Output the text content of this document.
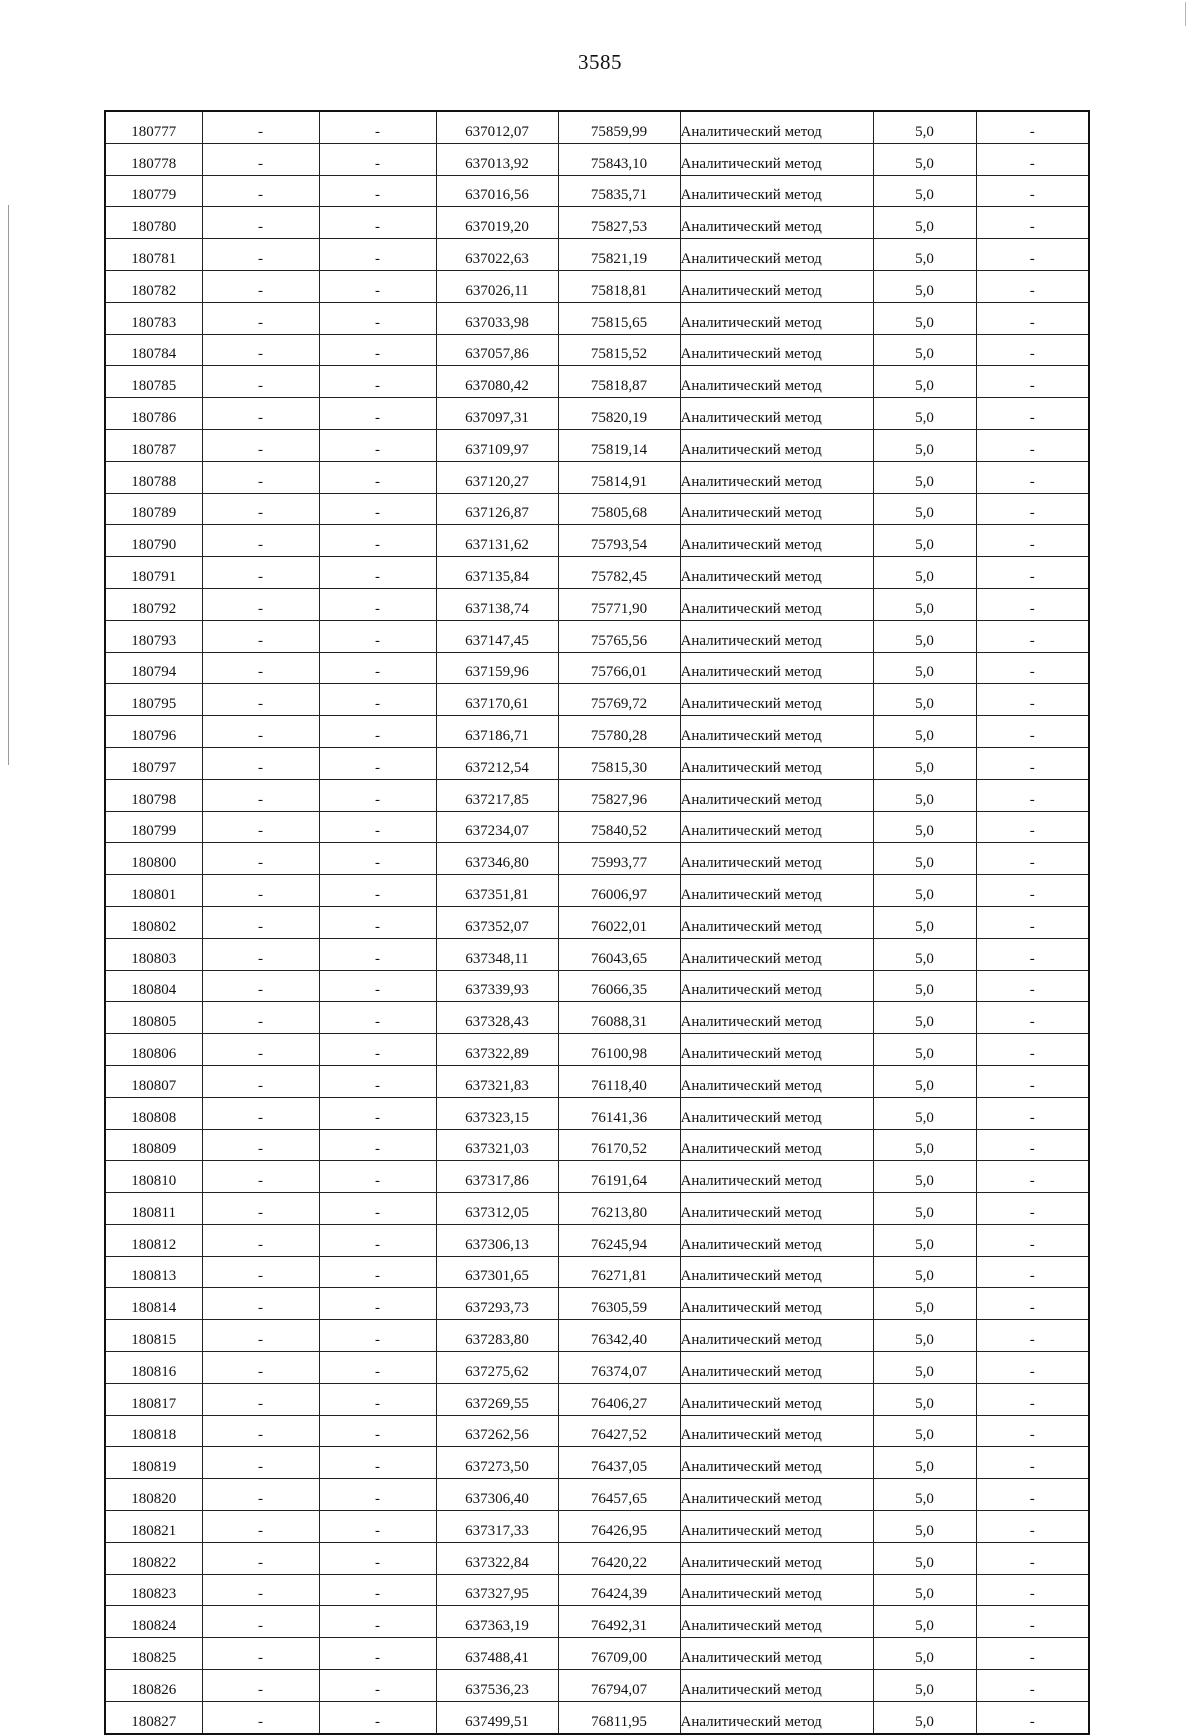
3585
180777	-	-	637012,07	75859,99	Аналитический метод	5,0	-
180778	-	-	637013,92	75843,10	Аналитический метод	5,0	-
180779	-	-	637016,56	75835,71	Аналитический метод	5,0	-
180780	-	-	637019,20	75827,53	Аналитический метод	5,0	-
180781	-	-	637022,63	75821,19	Аналитический метод	5,0	-
180782	-	-	637026,11	75818,81	Аналитический метод	5,0	-
180783	-	-	637033,98	75815,65	Аналитический метод	5,0	-
180784	-	-	637057,86	75815,52	Аналитический метод	5,0	-
180785	-	-	637080,42	75818,87	Аналитический метод	5,0	-
180786	-	-	637097,31	75820,19	Аналитический метод	5,0	-
180787	-	-	637109,97	75819,14	Аналитический метод	5,0	-
180788	-	-	637120,27	75814,91	Аналитический метод	5,0	-
180789	-	-	637126,87	75805,68	Аналитический метод	5,0	-
180790	-	-	637131,62	75793,54	Аналитический метод	5,0	-
180791	-	-	637135,84	75782,45	Аналитический метод	5,0	-
180792	-	-	637138,74	75771,90	Аналитический метод	5,0	-
180793	-	-	637147,45	75765,56	Аналитический метод	5,0	-
180794	-	-	637159,96	75766,01	Аналитический метод	5,0	-
180795	-	-	637170,61	75769,72	Аналитический метод	5,0	-
180796	-	-	637186,71	75780,28	Аналитический метод	5,0	-
180797	-	-	637212,54	75815,30	Аналитический метод	5,0	-
180798	-	-	637217,85	75827,96	Аналитический метод	5,0	-
180799	-	-	637234,07	75840,52	Аналитический метод	5,0	-
180800	-	-	637346,80	75993,77	Аналитический метод	5,0	-
180801	-	-	637351,81	76006,97	Аналитический метод	5,0	-
180802	-	-	637352,07	76022,01	Аналитический метод	5,0	-
180803	-	-	637348,11	76043,65	Аналитический метод	5,0	-
180804	-	-	637339,93	76066,35	Аналитический метод	5,0	-
180805	-	-	637328,43	76088,31	Аналитический метод	5,0	-
180806	-	-	637322,89	76100,98	Аналитический метод	5,0	-
180807	-	-	637321,83	76118,40	Аналитический метод	5,0	-
180808	-	-	637323,15	76141,36	Аналитический метод	5,0	-
180809	-	-	637321,03	76170,52	Аналитический метод	5,0	-
180810	-	-	637317,86	76191,64	Аналитический метод	5,0	-
180811	-	-	637312,05	76213,80	Аналитический метод	5,0	-
180812	-	-	637306,13	76245,94	Аналитический метод	5,0	-
180813	-	-	637301,65	76271,81	Аналитический метод	5,0	-
180814	-	-	637293,73	76305,59	Аналитический метод	5,0	-
180815	-	-	637283,80	76342,40	Аналитический метод	5,0	-
180816	-	-	637275,62	76374,07	Аналитический метод	5,0	-
180817	-	-	637269,55	76406,27	Аналитический метод	5,0	-
180818	-	-	637262,56	76427,52	Аналитический метод	5,0	-
180819	-	-	637273,50	76437,05	Аналитический метод	5,0	-
180820	-	-	637306,40	76457,65	Аналитический метод	5,0	-
180821	-	-	637317,33	76426,95	Аналитический метод	5,0	-
180822	-	-	637322,84	76420,22	Аналитический метод	5,0	-
180823	-	-	637327,95	76424,39	Аналитический метод	5,0	-
180824	-	-	637363,19	76492,31	Аналитический метод	5,0	-
180825	-	-	637488,41	76709,00	Аналитический метод	5,0	-
180826	-	-	637536,23	76794,07	Аналитический метод	5,0	-
180827	-	-	637499,51	76811,95	Аналитический метод	5,0	-
